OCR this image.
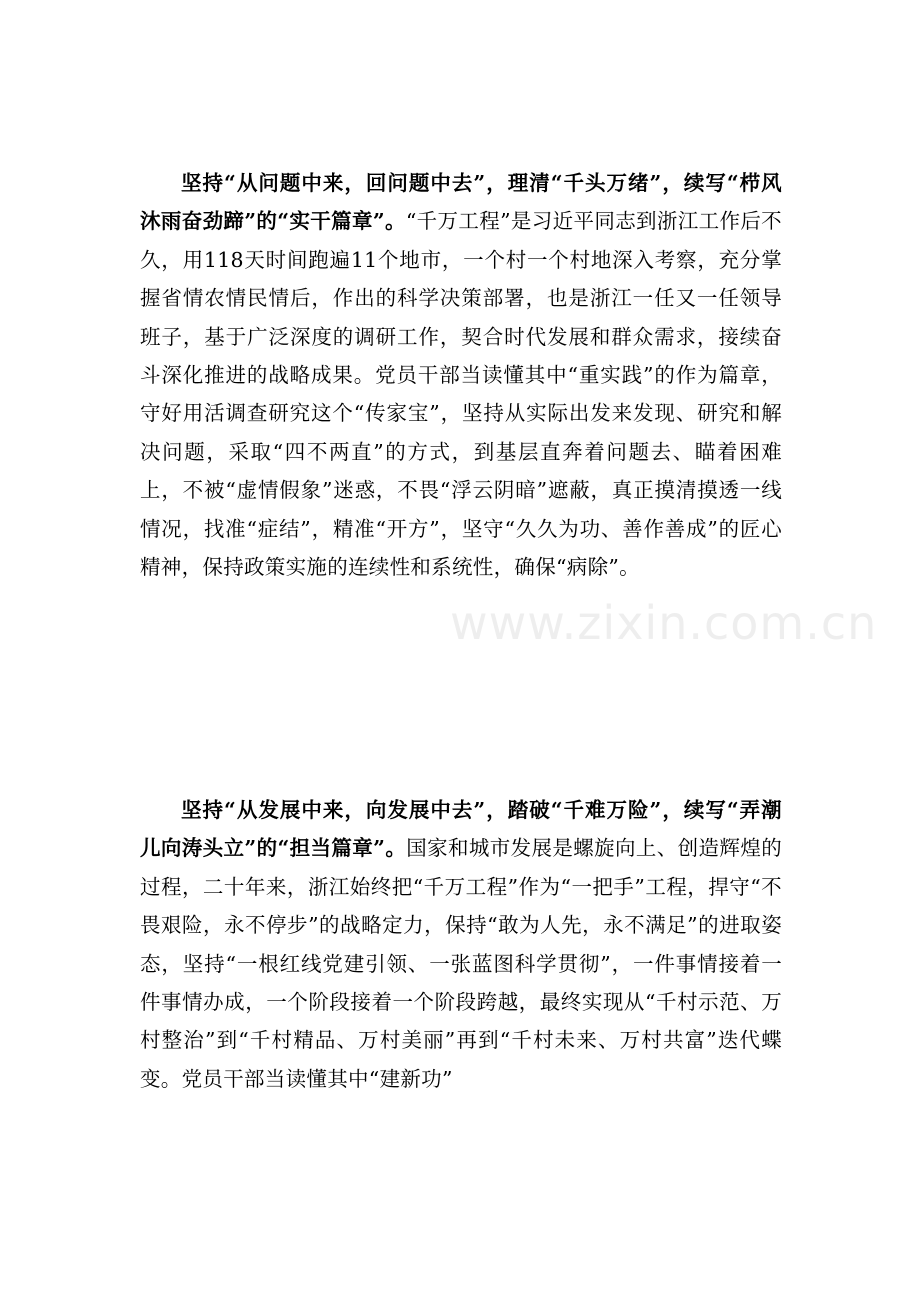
坚持“从问题中来，回问题中去”，理清“千头万绪”，续写“栉风沐雨奋劲蹄”的“实干篇章”。“千万工程”是习近平同志到浙江工作后不久，用118天时间跑遍11个地市，一个村一个村地深入考察，充分掌握省情农情民情后，作出的科学决策部署，也是浙江一任又一任领导班子，基于广泛深度的调研工作，契合时代发展和群众需求，接续奋斗深化推进的战略成果。党员干部当读懂其中“重实践”的作为篇章，守好用活调查研究这个“传家宝”，坚持从实际出发来发现、研究和解决问题，采取“四不两直”的方式，到基层直奔着问题去、瞄着困难上，不被“虚情假象”迷惑，不畏“浮云阴暗”遮蔽，真正摸清摸透一线情况，找准“症结”，精准“开方”，坚守“久久为功、善作善成”的匠心精神，保持政策实施的连续性和系统性，确保“病除”。

坚持“从发展中来，向发展中去”，踏破“千难万险”，续写“弄潮儿向涛头立”的“担当篇章”。国家和城市发展是螺旋向上、创造辉煌的过程，二十年来，浙江始终把“千万工程”作为“一把手”工程，捍守“不畏艰险，永不停步”的战略定力，保持“敢为人先，永不满足”的进取姿态，坚持“一根红线党建引领、一张蓝图科学贯彻”，一件事情接着一件事情办成，一个阶段接着一个阶段跨越，最终实现从“千村示范、万村整治”到“千村精品、万村美丽”再到“千村未来、万村共富”迭代蝶变。党员干部当读懂其中“建新功”

www.zixin.com.cn
